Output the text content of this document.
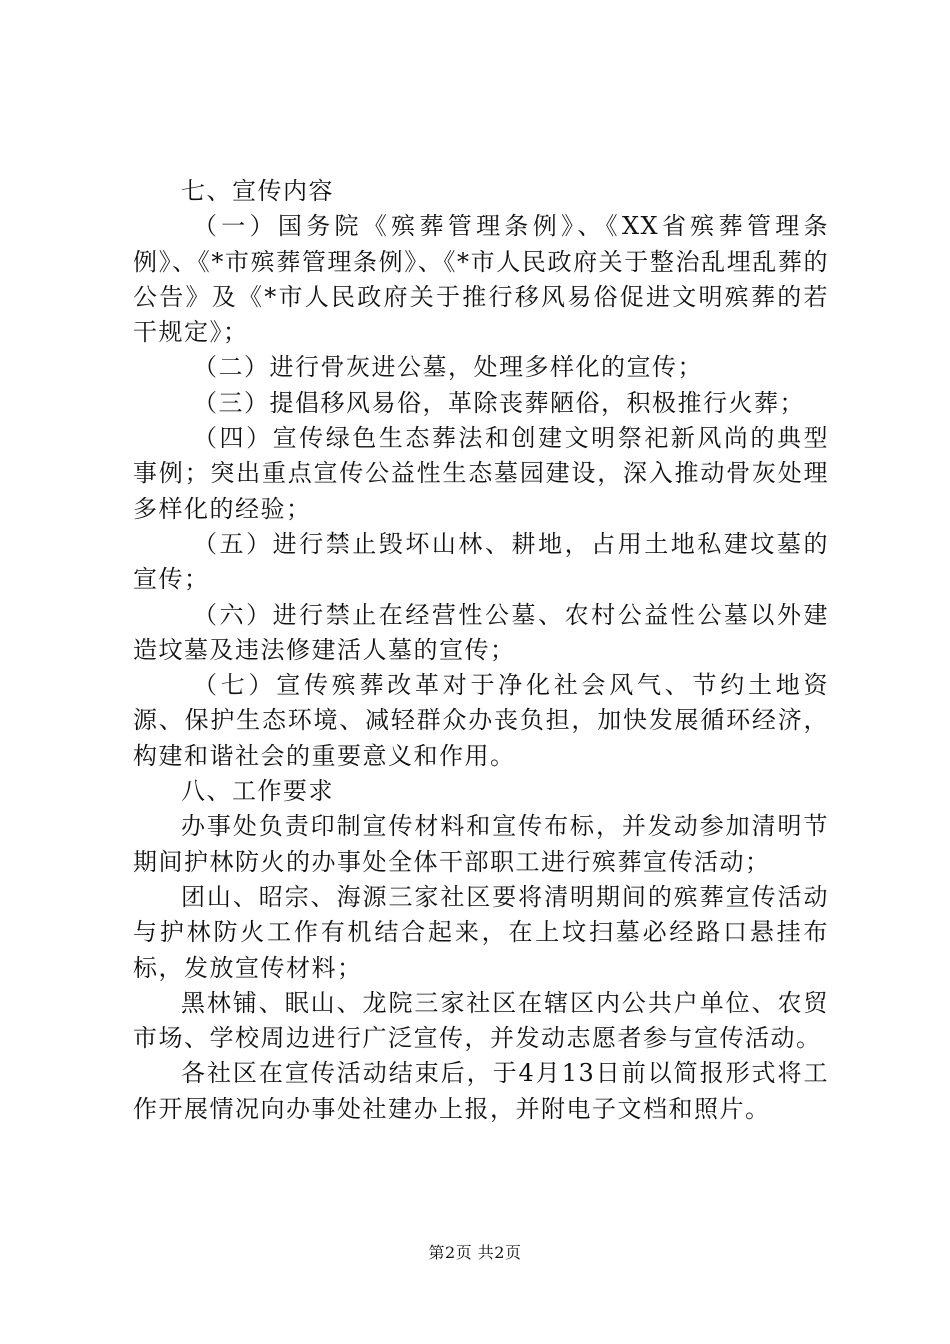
七、宣传内容

（一）国务院《殡葬管理条例》、《XX省殡葬管理条例》、《*市殡葬管理条例》、《*市人民政府关于整治乱埋乱葬的公告》及《*市人民政府关于推行移风易俗促进文明殡葬的若干规定》；

（二）进行骨灰进公墓，处理多样化的宣传；

（三）提倡移风易俗，革除丧葬陋俗，积极推行火葬；

（四）宣传绿色生态葬法和创建文明祭祀新风尚的典型事例；突出重点宣传公益性生态墓园建设，深入推动骨灰处理多样化的经验；

（五）进行禁止毁坏山林、耕地，占用土地私建坟墓的宣传；

（六）进行禁止在经营性公墓、农村公益性公墓以外建造坟墓及违法修建活人墓的宣传；

（七）宣传殡葬改革对于净化社会风气、节约土地资源、保护生态环境、减轻群众办丧负担，加快发展循环经济，构建和谐社会的重要意义和作用。

八、工作要求

办事处负责印制宣传材料和宣传布标，并发动参加清明节期间护林防火的办事处全体干部职工进行殡葬宣传活动；

团山、昭宗、海源三家社区要将清明期间的殡葬宣传活动与护林防火工作有机结合起来，在上坟扫墓必经路口悬挂布标，发放宣传材料；

黑林铺、眠山、龙院三家社区在辖区内公共户单位、农贸市场、学校周边进行广泛宣传，并发动志愿者参与宣传活动。

各社区在宣传活动结束后，于4月13日前以简报形式将工作开展情况向办事处社建办上报，并附电子文档和照片。

第2页 共2页
